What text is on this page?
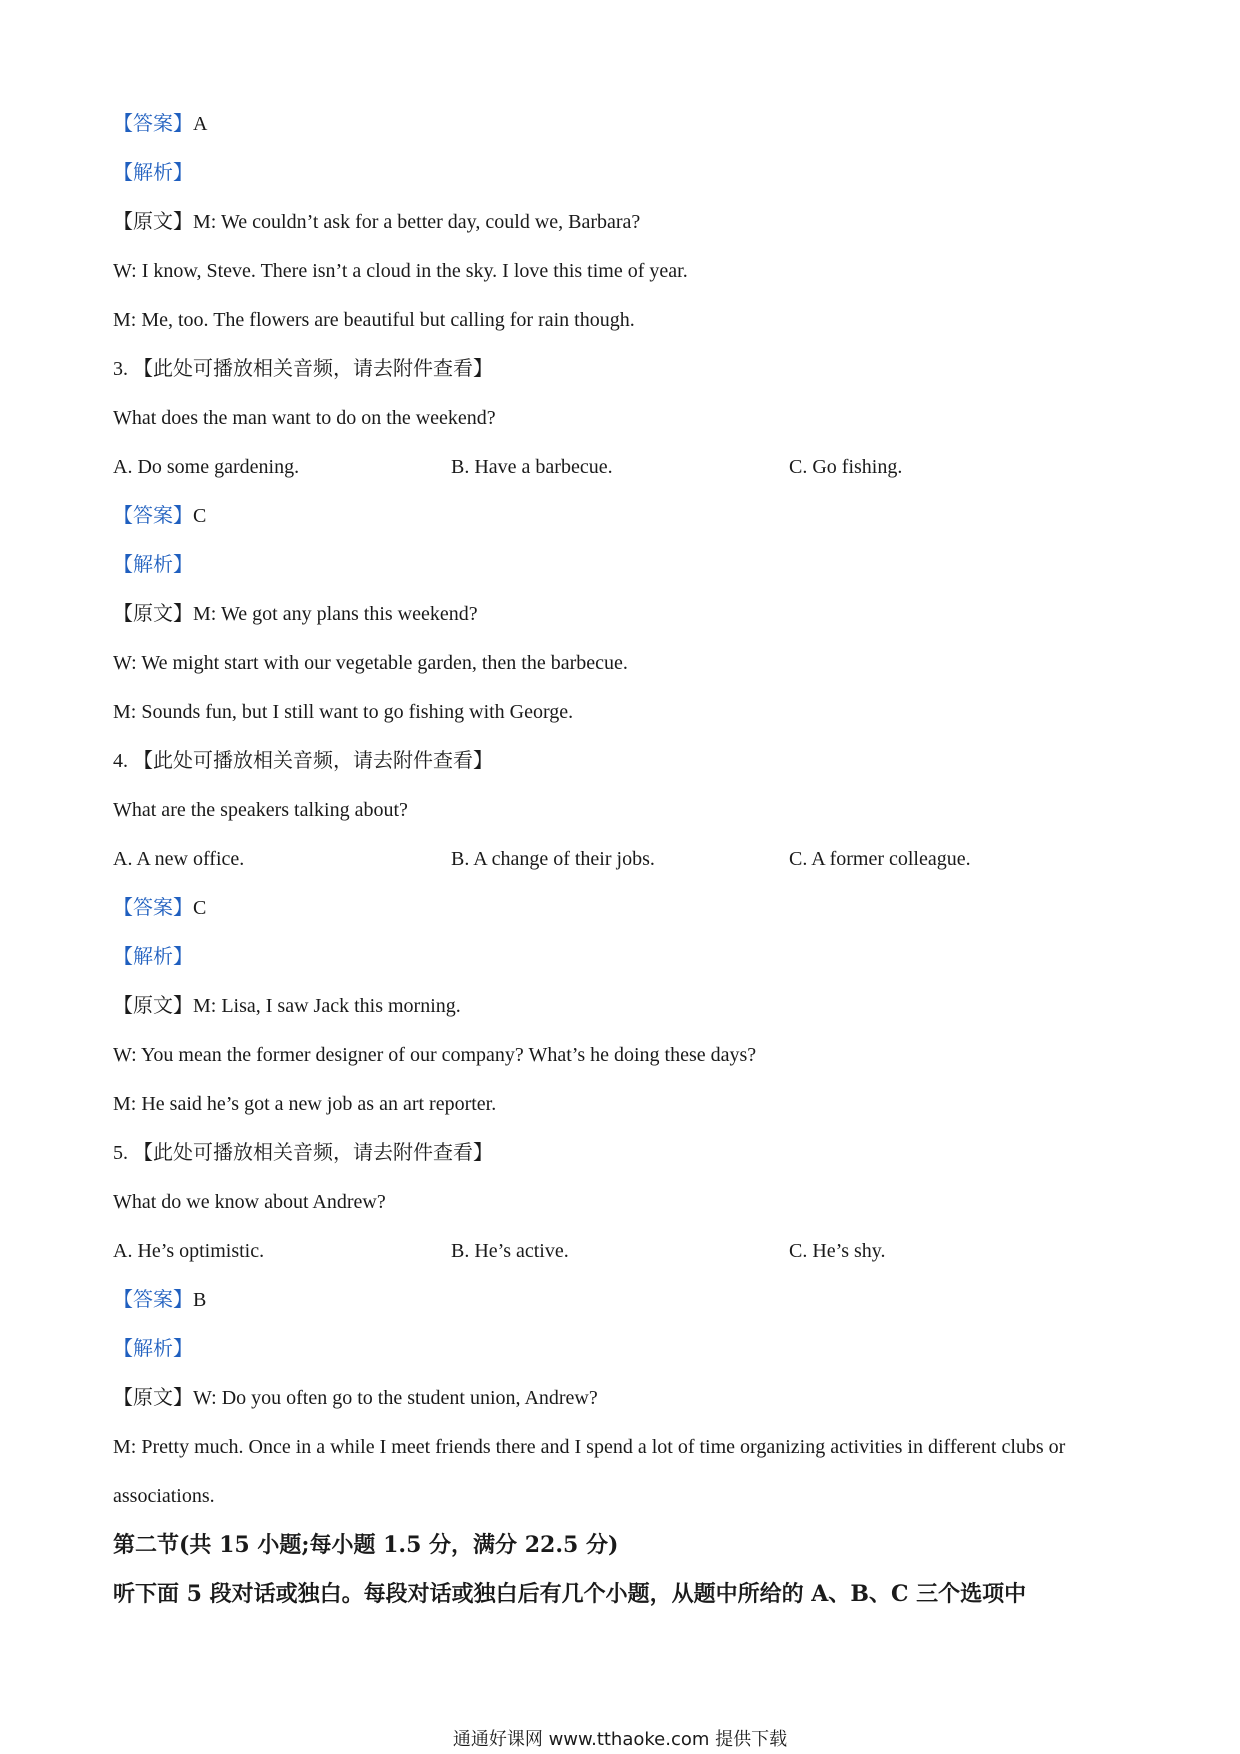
【答案】A
【解析】
【原文】M: We couldn’t ask for a better day, could we, Barbara?
W: I know, Steve. There isn’t a cloud in the sky. I love this time of year.
M: Me, too. The flowers are beautiful but calling for rain though.
3. 【此处可播放相关音频，请去附件查看】
What does the man want to do on the weekend?
A. Do some gardening.	B. Have a barbecue.	C. Go fishing.
【答案】C
【解析】
【原文】M: We got any plans this weekend?
W: We might start with our vegetable garden, then the barbecue.
M: Sounds fun, but I still want to go fishing with George.
4. 【此处可播放相关音频，请去附件查看】
What are the speakers talking about?
A. A new office.	B. A change of their jobs.	C. A former colleague.
【答案】C
【解析】
【原文】M: Lisa, I saw Jack this morning.
W: You mean the former designer of our company? What’s he doing these days?
M: He said he’s got a new job as an art reporter.
5. 【此处可播放相关音频，请去附件查看】
What do we know about Andrew?
A. He’s optimistic.	B. He’s active.	C. He’s shy.
【答案】B
【解析】
【原文】W: Do you often go to the student union, Andrew?
M: Pretty much. Once in a while I meet friends there and I spend a lot of time organizing activities in different clubs or associations.
第二节(共 15 小题;每小题 1.5 分，满分 22.5 分)
听下面 5 段对话或独白。每段对话或独白后有几个小题，从题中所给的 A、B、C 三个选项中
通通好课网 www.tthaoke.com 提供下载
